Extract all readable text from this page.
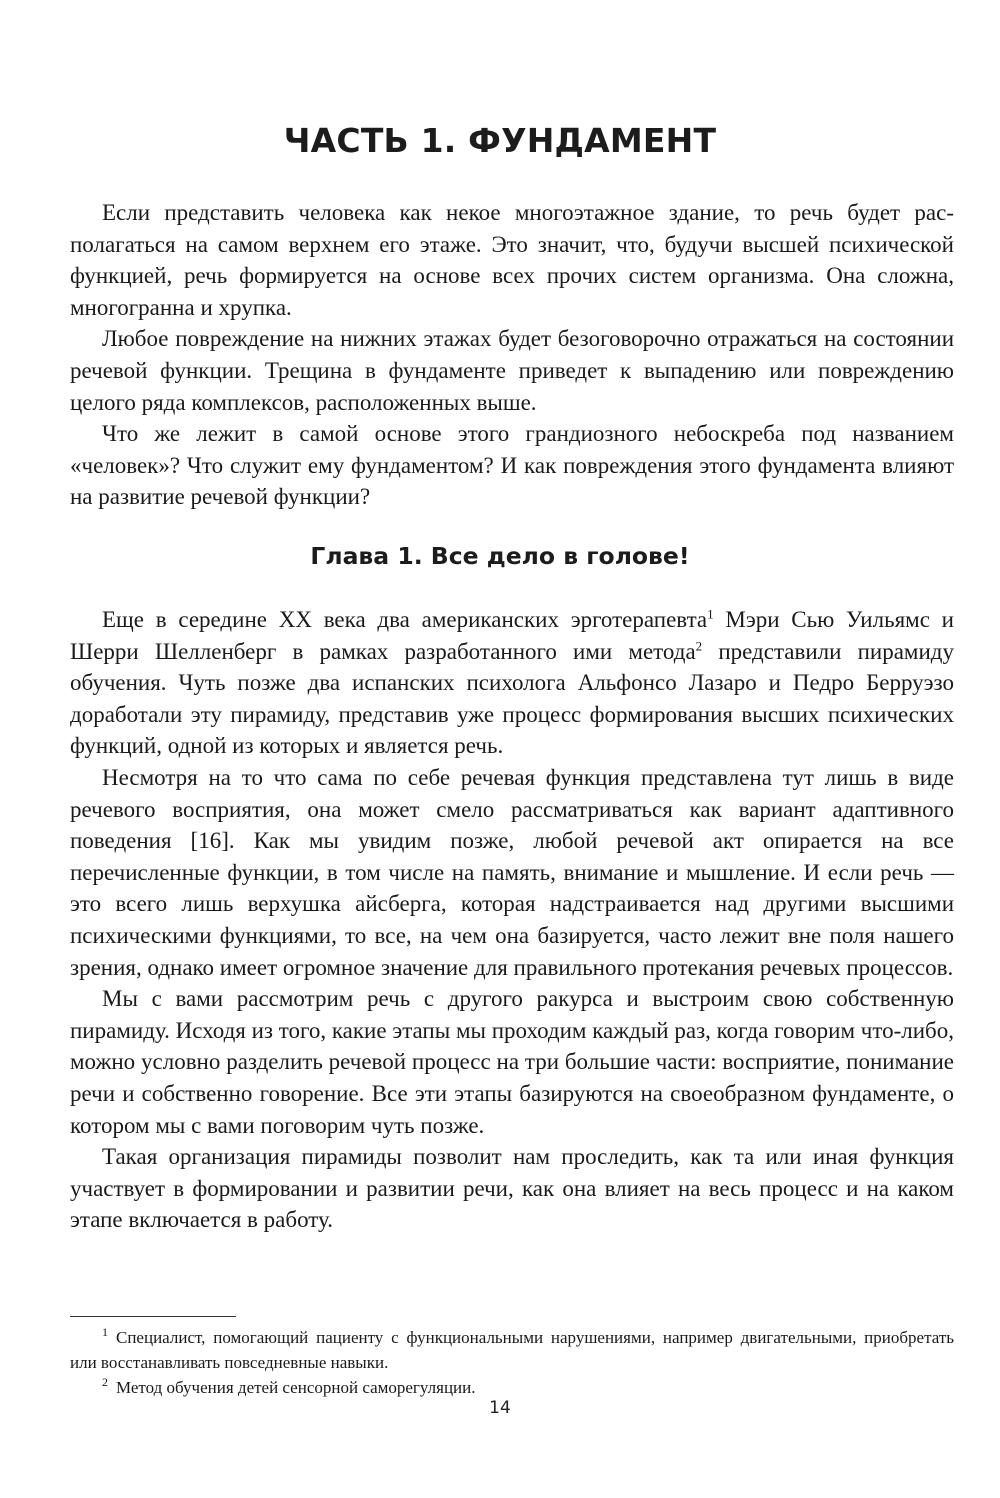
ЧАСТЬ 1. ФУНДАМЕНТ

Если представить человека как некое многоэтажное здание, то речь будет располагаться на самом верхнем его этаже. Это значит, что, будучи высшей психической функцией, речь формируется на основе всех прочих систем организма. Она сложна, многогранна и хрупка.

Любое повреждение на нижних этажах будет безоговорочно отражаться на состоянии речевой функции. Трещина в фундаменте приведет к выпадению или повреждению целого ряда комплексов, расположенных выше.

Что же лежит в самой основе этого грандиозного небоскреба под названием «человек»? Что служит ему фундаментом? И как повреждения этого фундамента влияют на развитие речевой функции?

Глава 1. Все дело в голове!

Еще в середине XX века два американских эрготерапевта$^1$ Мэри Сью Уильямс и Шерри Шелленберг в рамках разработанного ими метода$^2$ представили пирамиду обучения. Чуть позже два испанских психолога Альфонсо Лазаро и Педро Берруэзо доработали эту пирамиду, представив уже процесс формирования высших психических функций, одной из которых и является речь.

Несмотря на то что сама по себе речевая функция представлена тут лишь в виде речевого восприятия, она может смело рассматриваться как вариант адаптивного поведения [16]. Как мы увидим позже, любой речевой акт опирается на все перечисленные функции, в том числе на память, внимание и мышление. И если речь — это всего лишь верхушка айсберга, которая надстраивается над другими высшими психическими функциями, то все, на чем она базируется, часто лежит вне поля нашего зрения, однако имеет огромное значение для правильного протекания речевых процессов.

Мы с вами рассмотрим речь с другого ракурса и выстроим свою собственную пирамиду. Исходя из того, какие этапы мы проходим каждый раз, когда говорим что-либо, можно условно разделить речевой процесс на три большие части: восприятие, понимание речи и собственно говорение. Все эти этапы базируются на своеобразном фундаменте, о котором мы с вами поговорим чуть позже.

Такая организация пирамиды позволит нам проследить, как та или иная функция участвует в формировании и развитии речи, как она влияет на весь процесс и на каком этапе включается в работу.

$^1$ Специалист, помогающий пациенту с функциональными нарушениями, например двигательными, приобретать или восстанавливать повседневные навыки.

$^2$ Метод обучения детей сенсорной саморегуляции.

14
